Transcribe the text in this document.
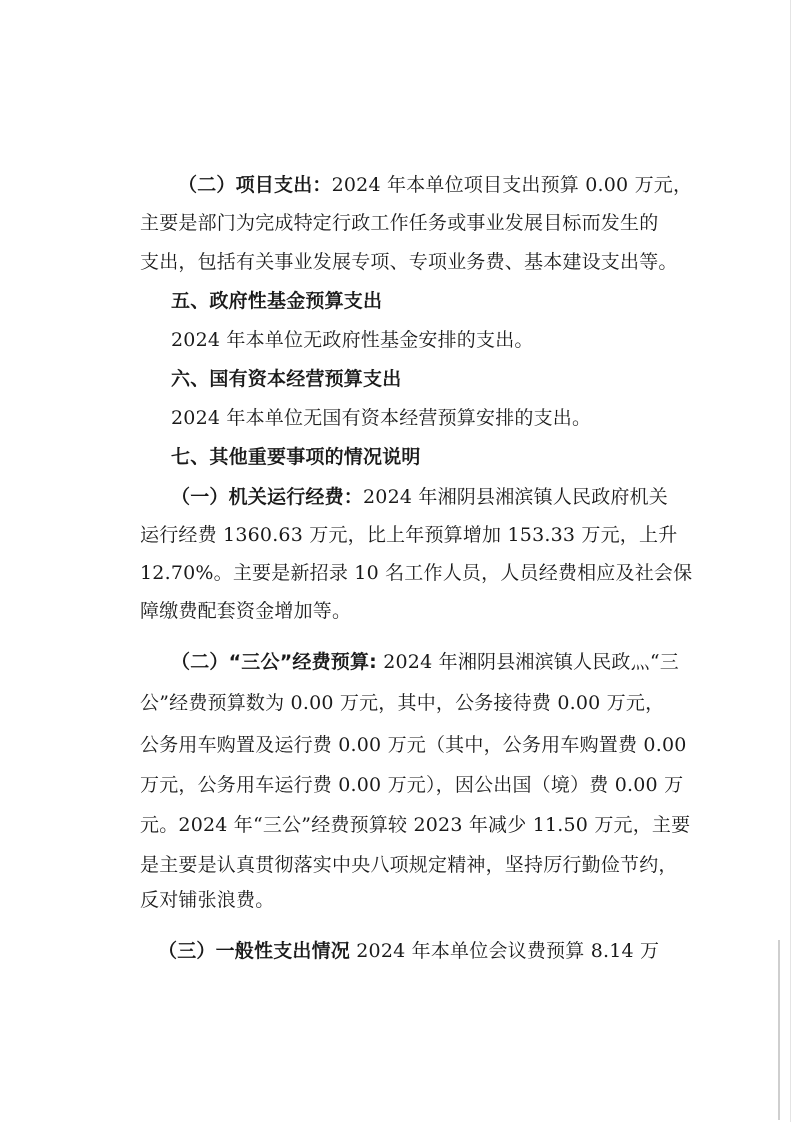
（二）项目支出：2024 年本单位项目支出预算 0.00 万元，
主要是部门为完成特定行政工作任务或事业发展目标而发生的
支出，包括有关事业发展专项、专项业务费、基本建设支出等。
五、政府性基金预算支出
2024 年本单位无政府性基金安排的支出。
六、国有资本经营预算支出
2024 年本单位无国有资本经营预算安排的支出。
七、其他重要事项的情况说明
（一）机关运行经费：2024 年湘阴县湘滨镇人民政府机关
运行经费 1360.63 万元，比上年预算增加 153.33 万元，上升
12.70%。主要是新招录 10 名工作人员，人员经费相应及社会保
障缴费配套资金增加等。
（二）“三公”经费预算: 2024 年湘阴县湘滨镇人民政⺣“三
公”经费预算数为 0.00 万元，其中，公务接待费 0.00 万元，
公务用车购置及运行费 0.00 万元（其中，公务用车购置费 0.00
万元，公务用车运行费 0.00 万元），因公出国（境）费 0.00 万
元。2024 年“三公”经费预算较 2023 年减少 11.50 万元，主要
是主要是认真贯彻落实中央八项规定精神，坚持厉行勤俭节约，
反对铺张浪费。
（三）一般性支出情况 2024 年本单位会议费预算 8.14 万
